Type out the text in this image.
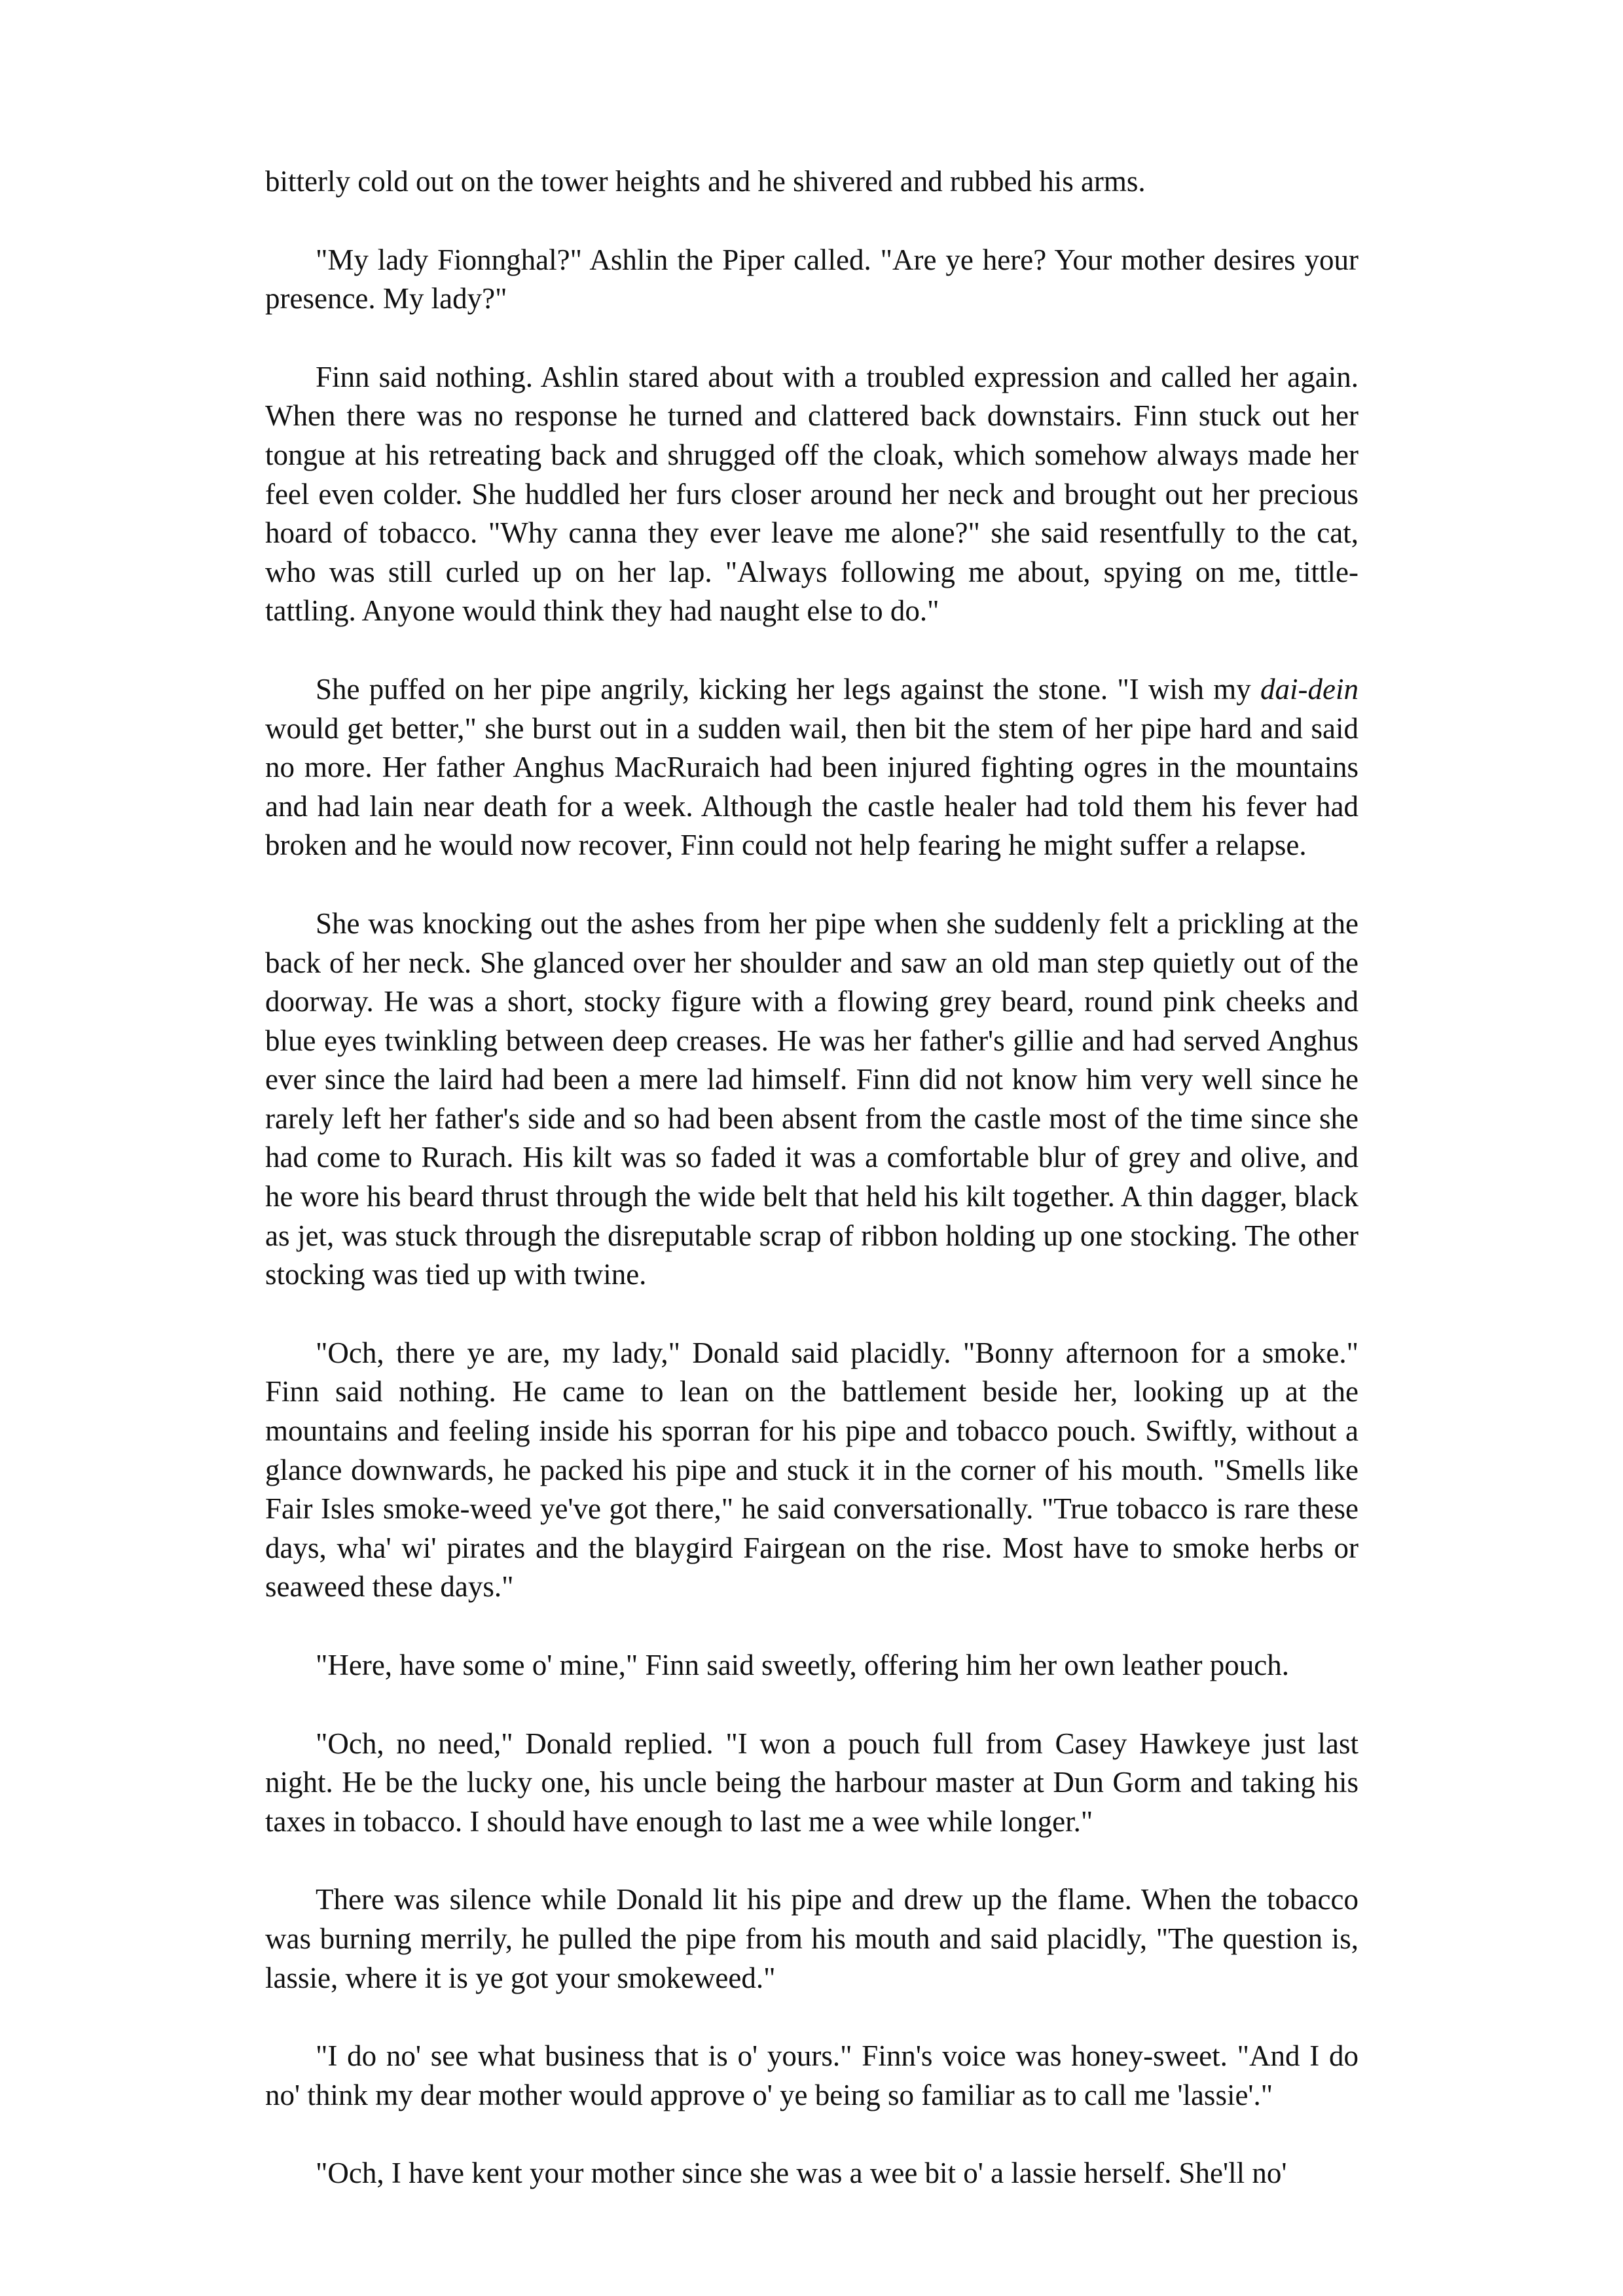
bitterly cold out on the tower heights and he shivered and rubbed his arms.

"My lady Fionnghal?" Ashlin the Piper called. "Are ye here? Your mother desires your presence. My lady?"

Finn said nothing. Ashlin stared about with a troubled expression and called her again. When there was no response he turned and clattered back downstairs. Finn stuck out her tongue at his retreating back and shrugged off the cloak, which somehow always made her feel even colder. She huddled her furs closer around her neck and brought out her precious hoard of tobacco. "Why canna they ever leave me alone?" she said resentfully to the cat, who was still curled up on her lap. "Always following me about, spying on me, tittle-tattling. Anyone would think they had naught else to do."

She puffed on her pipe angrily, kicking her legs against the stone. "I wish my dai-dein would get better," she burst out in a sudden wail, then bit the stem of her pipe hard and said no more. Her father Anghus MacRuraich had been injured fighting ogres in the mountains and had lain near death for a week. Although the castle healer had told them his fever had broken and he would now recover, Finn could not help fearing he might suffer a relapse.

She was knocking out the ashes from her pipe when she suddenly felt a prickling at the back of her neck. She glanced over her shoulder and saw an old man step quietly out of the doorway. He was a short, stocky figure with a flowing grey beard, round pink cheeks and blue eyes twinkling between deep creases. He was her father's gillie and had served Anghus ever since the laird had been a mere lad himself. Finn did not know him very well since he rarely left her father's side and so had been absent from the castle most of the time since she had come to Rurach. His kilt was so faded it was a comfortable blur of grey and olive, and he wore his beard thrust through the wide belt that held his kilt together. A thin dagger, black as jet, was stuck through the disreputable scrap of ribbon holding up one stocking. The other stocking was tied up with twine.

"Och, there ye are, my lady," Donald said placidly. "Bonny afternoon for a smoke." Finn said nothing. He came to lean on the battlement beside her, looking up at the mountains and feeling inside his sporran for his pipe and tobacco pouch. Swiftly, without a glance downwards, he packed his pipe and stuck it in the corner of his mouth. "Smells like Fair Isles smoke-weed ye've got there," he said conversationally. "True tobacco is rare these days, wha' wi' pirates and the blaygird Fairgean on the rise. Most have to smoke herbs or seaweed these days."

"Here, have some o' mine," Finn said sweetly, offering him her own leather pouch.

"Och, no need," Donald replied. "I won a pouch full from Casey Hawkeye just last night. He be the lucky one, his uncle being the harbour master at Dun Gorm and taking his taxes in tobacco. I should have enough to last me a wee while longer."

There was silence while Donald lit his pipe and drew up the flame. When the tobacco was burning merrily, he pulled the pipe from his mouth and said placidly, "The question is, lassie, where it is ye got your smokeweed."

"I do no' see what business that is o' yours." Finn's voice was honey-sweet. "And I do no' think my dear mother would approve o' ye being so familiar as to call me 'lassie'."

"Och, I have kent your mother since she was a wee bit o' a lassie herself. She'll no'
